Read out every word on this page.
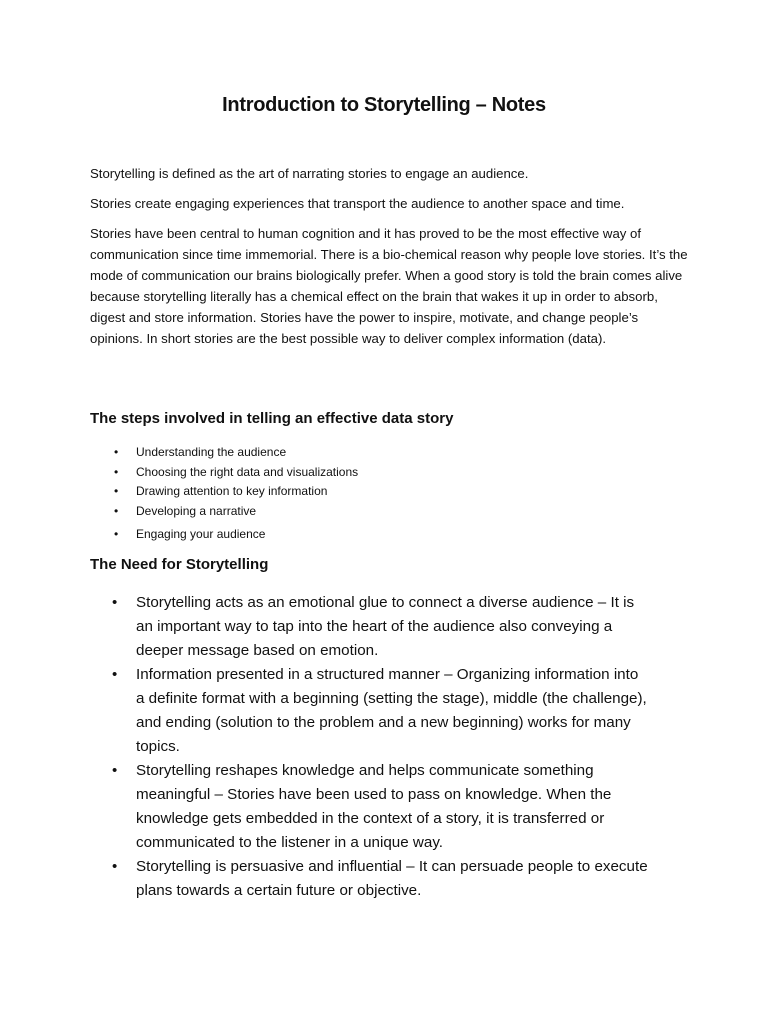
Introduction to Storytelling – Notes

Storytelling is defined as the art of narrating stories to engage an audience.

Stories create engaging experiences that transport the audience to another space and time.

Stories have been central to human cognition and it has proved to be the most effective way of communication since time immemorial. There is a bio-chemical reason why people love stories. It’s the mode of communication our brains biologically prefer. When a good story is told the brain comes alive because storytelling literally has a chemical effect on the brain that wakes it up in order to absorb, digest and store information. Stories have the power to inspire, motivate, and change people’s opinions. In short stories are the best possible way to deliver complex information (data).

The steps involved in telling an effective data story
• Understanding the audience
• Choosing the right data and visualizations
• Drawing attention to key information
• Developing a narrative
• Engaging your audience
The Need for Storytelling
• Storytelling acts as an emotional glue to connect a diverse audience – It is an important way to tap into the heart of the audience also conveying a deeper message based on emotion.
• Information presented in a structured manner – Organizing information into a definite format with a beginning (setting the stage), middle (the challenge), and ending (solution to the problem and a new beginning) works for many topics.
• Storytelling reshapes knowledge and helps communicate something meaningful – Stories have been used to pass on knowledge. When the knowledge gets embedded in the context of a story, it is transferred or communicated to the listener in a unique way.
• Storytelling is persuasive and influential – It can persuade people to execute plans towards a certain future or objective.
